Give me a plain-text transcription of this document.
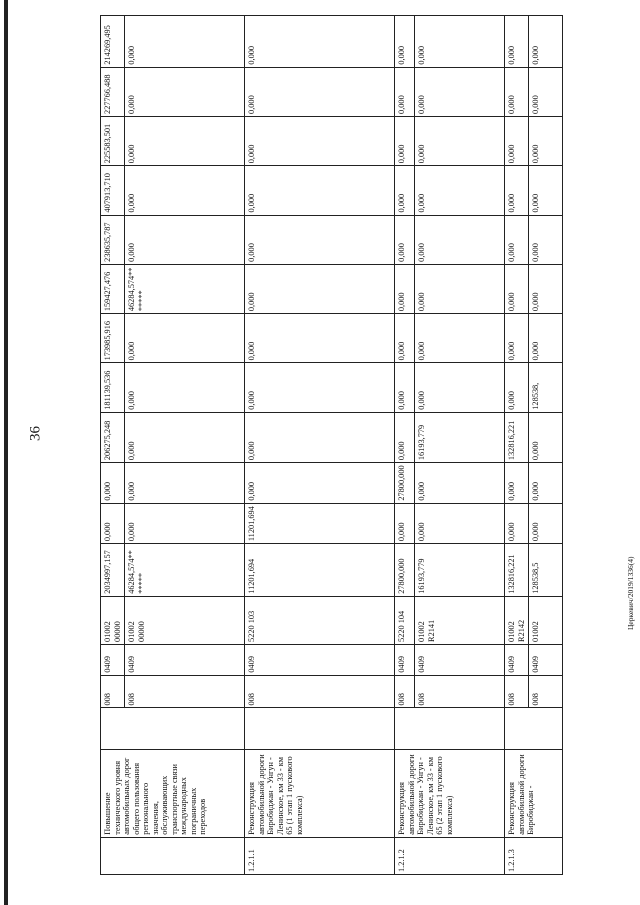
36
	Повышение технического уровня автомобильных дорог общего пользования регионального значения, обслуживающих транспортные связи международных пограничных переходов		008	0409	01002 00000	2034997,157	0,000	0,000	206275,248	181139,536	173985,916	159427,476	238635,787	407913,710	225583,501	227766,488	214269,495
			008	0409	01002 00000	46284,574*******	0,000	0,000	0,000	0,000	0,000	46284,574*******	0,000	0,000	0,000	0,000	0,000
1.2.1.1	Реконструкция автомобильной дороги Биробиджан - Унгун - Ленинское, км 33 - км 65 (1 этап 1 пускового комплекса)		008	0409	5220 103	11201,694	11201,694	0,000	0,000	0,000	0,000	0,000	0,000	0,000	0,000	0,000	0,000
1.2.1.2	Реконструкция автомобильной дороги Биробиджан - Унгун - Ленинское, км 33 - км 65 (2 этап 1 пускового комплекса)		008	0409	5220 104	27800,000	0,000	27800,000	0,000	0,000	0,000	0,000	0,000	0,000	0,000	0,000	0,000
			008	0409	01002 R2141	16193,779	0,000	0,000	16193,779	0,000	0,000	0,000	0,000	0,000	0,000	0,000	0,000
1.2.1.3	Реконструкция автомобильной дороги Биробиджан -		008	0409	01002 R2142	132816,221	0,000	0,000	132816,221	0,000	0,000	0,000	0,000	0,000	0,000	0,000	0,000
			008	0409	01002	128538,5	0,000	0,000	0,000	128538,	0,000	0,000	0,000	0,000	0,000	0,000	0,000
Церкевич/2019/1336(4)
